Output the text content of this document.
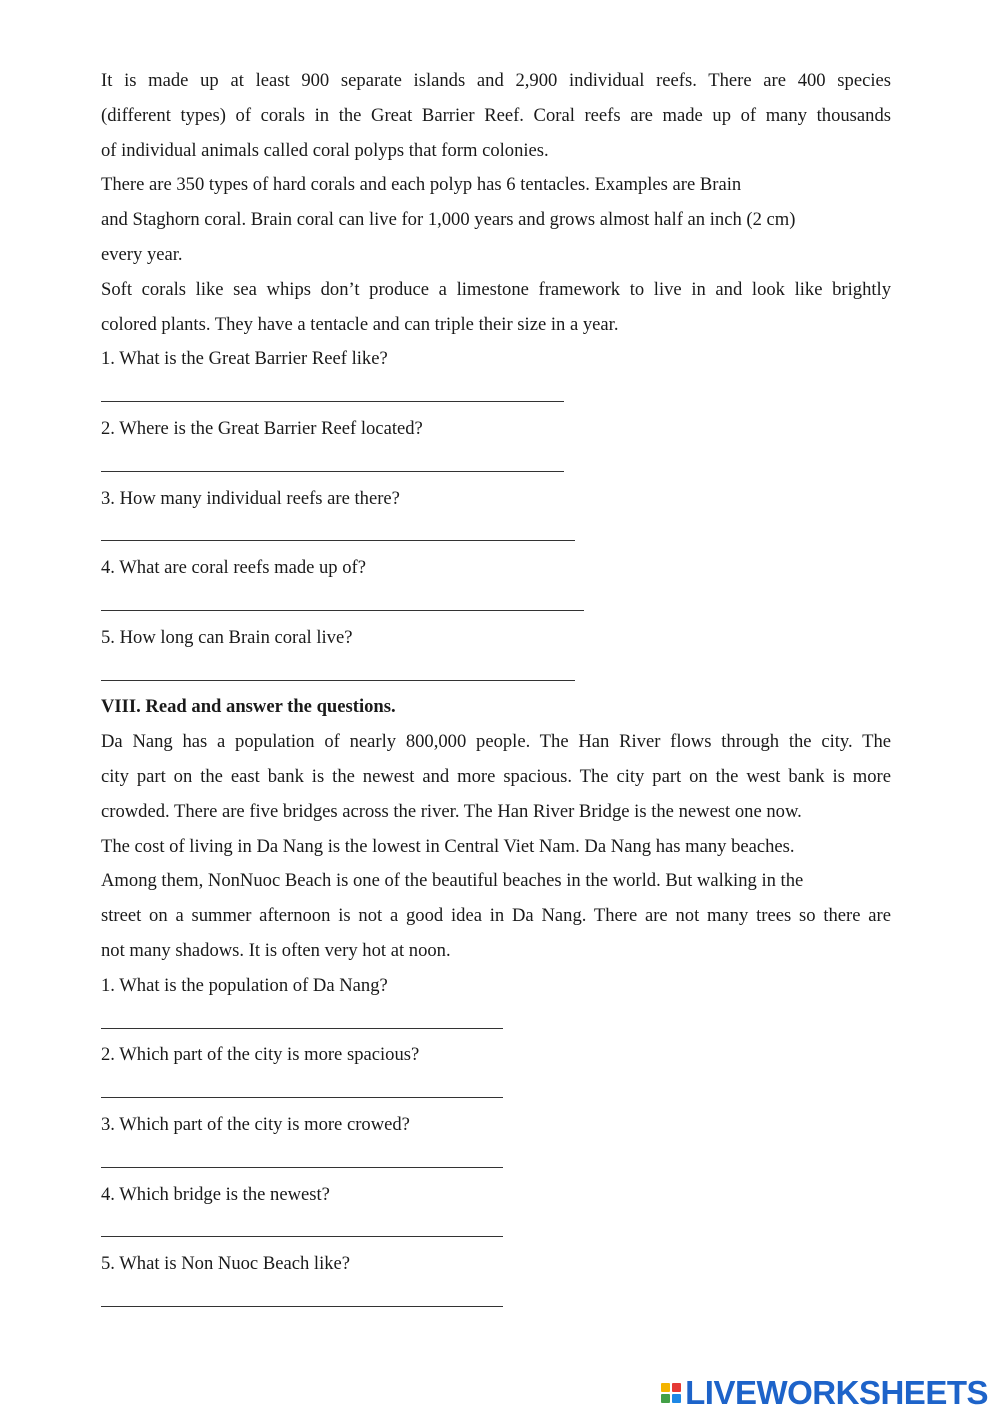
It is made up at least 900 separate islands and 2,900 individual reefs. There are 400 species
(different types) of corals in the Great Barrier Reef. Coral reefs are made up of many thousands
of individual animals called coral polyps that form colonies.
There are 350 types of hard corals and each polyp has 6 tentacles. Examples are Brain
and Staghorn coral. Brain coral can live for 1,000 years and grows almost half an inch (2 cm)
every year.
Soft corals like sea whips don’t produce a limestone framework to live in and look like brightly
colored plants. They have a tentacle and can triple their size in a year.
1. What is the Great Barrier Reef like?
2. Where is the Great Barrier Reef located?
3. How many individual reefs are there?
4. What are coral reefs made up of?
5. How long can Brain coral live?
VIII. Read and answer the questions.
Da Nang has a population of nearly 800,000 people. The Han River flows through the city. The
city part on the east bank is the newest and more spacious. The city part on the west bank is more
crowded. There are five bridges across the river. The Han River Bridge is the newest one now.
The cost of living in Da Nang is the lowest in Central Viet Nam. Da Nang has many beaches.
Among them, NonNuoc Beach is one of the beautiful beaches in the world. But walking in the
street on a summer afternoon is not a good idea in Da Nang. There are not many trees so there are
not many shadows. It is often very hot at noon.
1. What is the population of Da Nang?
2. Which part of the city is more spacious?
3. Which part of the city is more crowed?
4. Which bridge is the newest?
5. What is Non Nuoc Beach like?
LIVEWORKSHEETS
